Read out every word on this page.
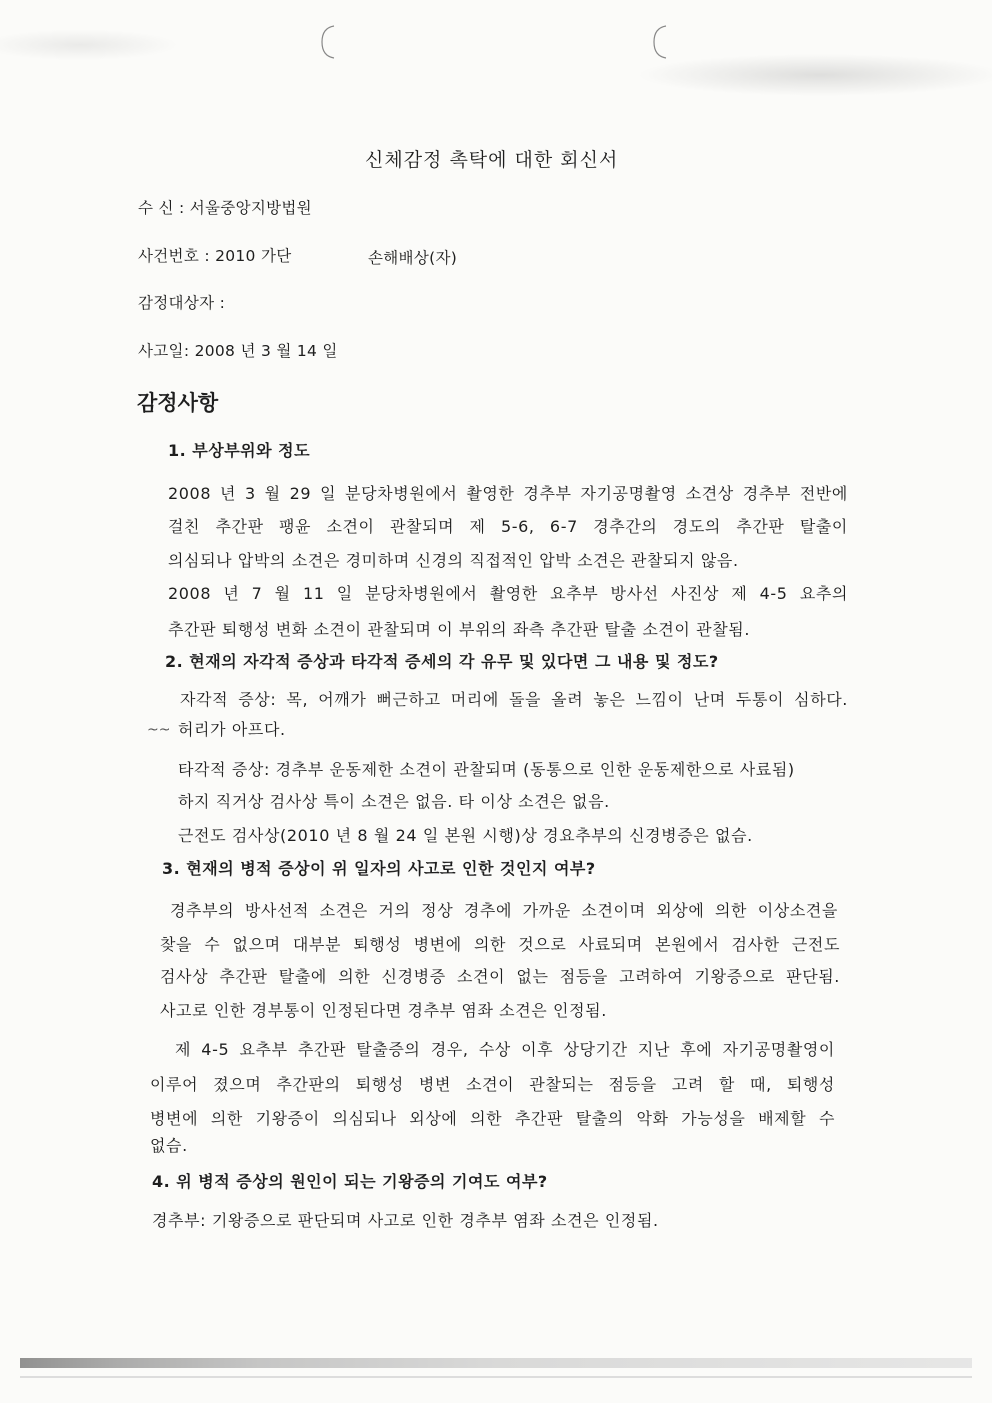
신체감정 촉탁에 대한 회신서
수 신 : 서울중앙지방법원
사건번호 : 2010 가단	손해배상(자)
감정대상자 :
사고일: 2008 년 3 월 14 일
감정사항
1. 부상부위와 정도
2008 년 3 월 29 일 분당차병원에서 촬영한 경추부 자기공명촬영 소견상 경추부 전반에
걸친 추간판 팽윤 소견이 관찰되며 제 5-6, 6-7 경추간의 경도의 추간판 탈출이
의심되나 압박의 소견은 경미하며 신경의 직접적인 압박 소견은 관찰되지 않음.
2008 년 7 월 11 일 분당차병원에서 촬영한 요추부 방사선 사진상 제 4-5 요추의
추간판 퇴행성 변화 소견이 관찰되며 이 부위의 좌측 추간판 탈출 소견이 관찰됨.
2. 현재의 자각적 증상과 타각적 증세의 각 유무 및 있다면 그 내용 및 정도?
자각적 증상: 목, 어깨가 뻐근하고 머리에 돌을 올려 놓은 느낌이 난며 두통이 심하다.
~~ 허리가 아프다.
타각적 증상: 경추부 운동제한 소견이 관찰되며 (동통으로 인한 운동제한으로 사료됨)
하지 직거상 검사상 특이 소견은 없음. 타 이상 소견은 없음.
근전도 검사상(2010 년 8 월 24 일 본원 시행)상 경요추부의 신경병증은 없슴.
3. 현재의 병적 증상이 위 일자의 사고로 인한 것인지 여부?
경추부의 방사선적 소견은 거의 정상 경추에 가까운 소견이며 외상에 의한 이상소견을
찾을 수 없으며 대부분 퇴행성 병변에 의한 것으로 사료되며 본원에서 검사한 근전도
검사상 추간판 탈출에 의한 신경병증 소견이 없는 점등을 고려하여 기왕증으로 판단됨.
사고로 인한 경부통이 인정된다면 경추부 염좌 소견은 인정됨.
제 4-5 요추부 추간판 탈출증의 경우, 수상 이후 상당기간 지난 후에 자기공명촬영이
이루어 졌으며 추간판의 퇴행성 병변 소견이 관찰되는 점등을 고려 할 때, 퇴행성
병변에 의한 기왕증이 의심되나 외상에 의한 추간판 탈출의 악화 가능성을 배제할 수
없슴.
4. 위 병적 증상의 원인이 되는 기왕증의 기여도 여부?
경추부: 기왕증으로 판단되며 사고로 인한 경추부 염좌 소견은 인정됨.
